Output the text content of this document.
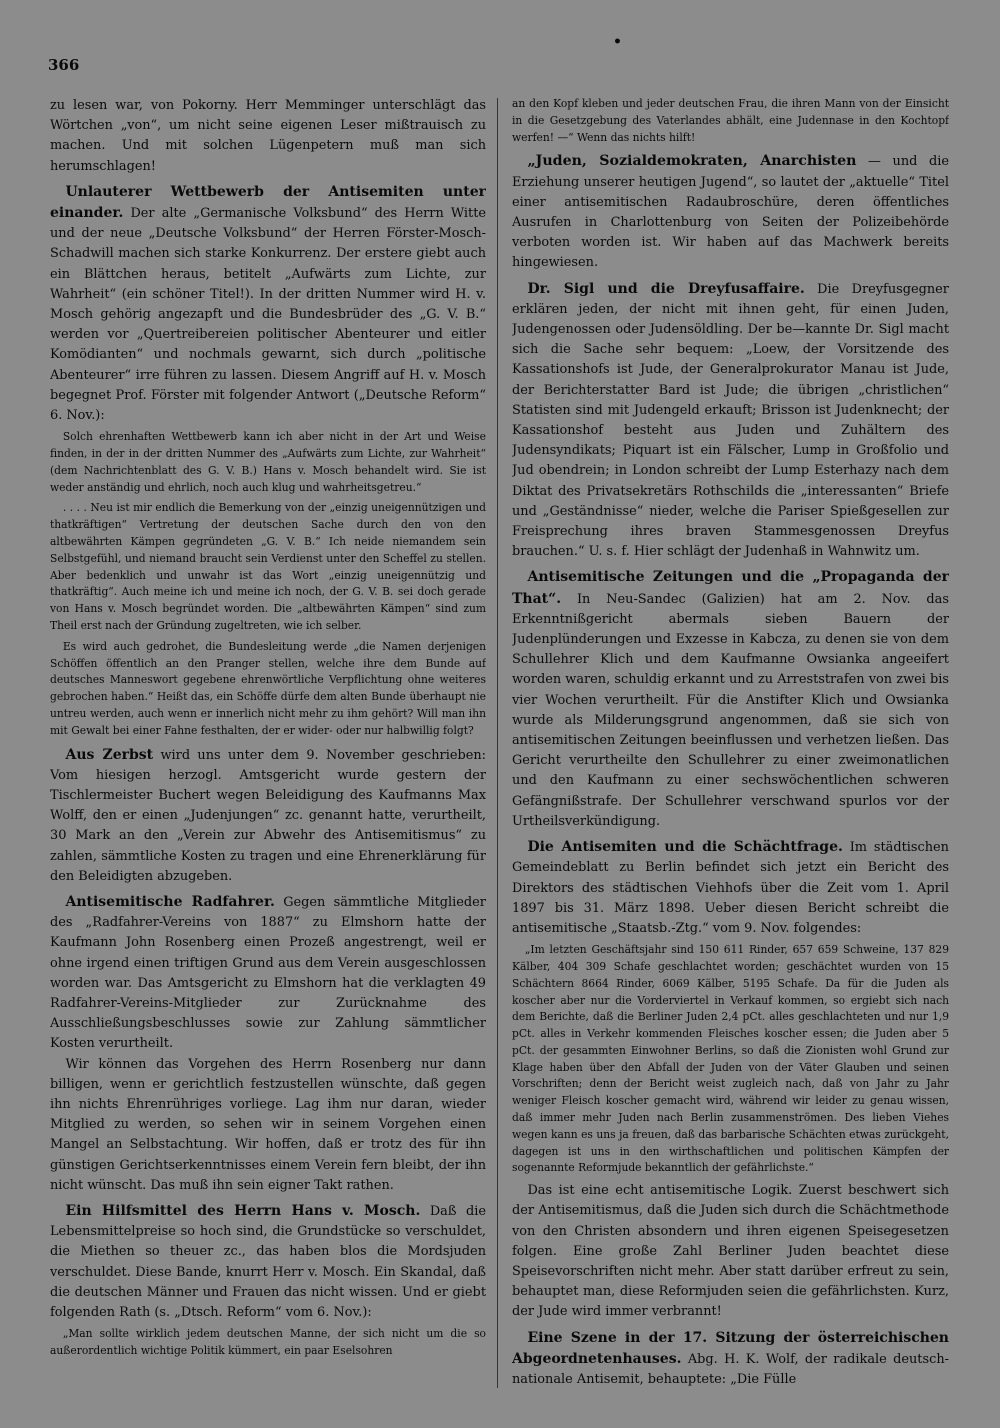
366
•

zu lesen war, von Pokorny. Herr Memminger unterschlägt das Wörtchen „von“, um nicht seine eigenen Leser mißtrauisch zu machen. Und mit solchen Lügenpetern muß man sich herumschlagen!

Unlauterer Wettbewerb der Antisemiten unter einander. Der alte „Germanische Volksbund“ des Herrn Witte und der neue „Deutsche Volksbund“ der Herren Förster-Mosch-Schadwill machen sich starke Konkurrenz. Der erstere giebt auch ein Blättchen heraus, betitelt „Aufwärts zum Lichte, zur Wahrheit“ (ein schöner Titel!). In der dritten Nummer wird H. v. Mosch gehörig angezapft und die Bundesbrüder des „G. V. B.“ werden vor „Quertreibereien politischer Abenteurer und eitler Komödianten“ und nochmals gewarnt, sich durch „politische Abenteurer“ irre führen zu lassen. Diesem Angriff auf H. v. Mosch begegnet Prof. Förster mit folgender Antwort („Deutsche Reform“ 6. Nov.):

Solch ehrenhaften Wettbewerb kann ich aber nicht in der Art und Weise finden, in der in der dritten Nummer des „Aufwärts zum Lichte, zur Wahrheit“ (dem Nachrichtenblatt des G. V. B.) Hans v. Mosch behandelt wird. Sie ist weder anständig und ehrlich, noch auch klug und wahrheitsgetreu.“

. . . . Neu ist mir endlich die Bemerkung von der „einzig uneigennützigen und thatkräftigen“ Vertretung der deutschen Sache durch den von den altbewährten Kämpen gegründeten „G. V. B.“ Ich neide niemandem sein Selbstgefühl, und niemand braucht sein Verdienst unter den Scheffel zu stellen. Aber bedenklich und unwahr ist das Wort „einzig uneigennützig und thatkräftig“. Auch meine ich und meine ich noch, der G. V. B. sei doch gerade von Hans v. Mosch begründet worden. Die „altbewährten Kämpen“ sind zum Theil erst nach der Gründung zugeltreten, wie ich selber.

Es wird auch gedrohet, die Bundesleitung werde „die Namen derjenigen Schöffen öffentlich an den Pranger stellen, welche ihre dem Bunde auf deutsches Manneswort gegebene ehrenwörtliche Verpflichtung ohne weiteres gebrochen haben.“ Heißt das, ein Schöffe dürfe dem alten Bunde überhaupt nie untreu werden, auch wenn er innerlich nicht mehr zu ihm gehört? Will man ihn mit Gewalt bei einer Fahne festhalten, der er wider- oder nur halbwillig folgt?

Aus Zerbst wird uns unter dem 9. November geschrieben: Vom hiesigen herzogl. Amtsgericht wurde gestern der Tischlermeister Buchert wegen Beleidigung des Kaufmanns Max Wolff, den er einen „Judenjungen“ zc. genannt hatte, verurtheilt, 30 Mark an den „Verein zur Abwehr des Antisemitismus“ zu zahlen, sämmtliche Kosten zu tragen und eine Ehrenerklärung für den Beleidigten abzugeben.

Antisemitische Radfahrer. Gegen sämmtliche Mitglieder des „Radfahrer-Vereins von 1887“ zu Elmshorn hatte der Kaufmann John Rosenberg einen Prozeß angestrengt, weil er ohne irgend einen triftigen Grund aus dem Verein ausgeschlossen worden war. Das Amtsgericht zu Elmshorn hat die verklagten 49 Radfahrer-Vereins-Mitglieder zur Zurücknahme des Ausschließungsbeschlusses sowie zur Zahlung sämmtlicher Kosten verurtheilt.

Wir können das Vorgehen des Herrn Rosenberg nur dann billigen, wenn er gerichtlich festzustellen wünschte, daß gegen ihn nichts Ehrenrühriges vorliege. Lag ihm nur daran, wieder Mitglied zu werden, so sehen wir in seinem Vorgehen einen Mangel an Selbstachtung. Wir hoffen, daß er trotz des für ihn günstigen Gerichtserkenntnisses einem Verein fern bleibt, der ihn nicht wünscht. Das muß ihn sein eigner Takt rathen.

Ein Hilfsmittel des Herrn Hans v. Mosch. Daß die Lebensmittelpreise so hoch sind, die Grundstücke so verschuldet, die Miethen so theuer zc., das haben blos die Mordsjuden verschuldet. Diese Bande, knurrt Herr v. Mosch. Ein Skandal, daß die deutschen Männer und Frauen das nicht wissen. Und er giebt folgenden Rath (s. „Dtsch. Reform“ vom 6. Nov.):

„Man sollte wirklich jedem deutschen Manne, der sich nicht um die so außerordentlich wichtige Politik kümmert, ein paar Eselsohren

an den Kopf kleben und jeder deutschen Frau, die ihren Mann von der Einsicht in die Gesetzgebung des Vaterlandes abhält, eine Judennase in den Kochtopf werfen! —“ Wenn das nichts hilft!

„Juden, Sozialdemokraten, Anarchisten — und die Erziehung unserer heutigen Jugend“, so lautet der „aktuelle“ Titel einer antisemitischen Radaubroschüre, deren öffentliches Ausrufen in Charlottenburg von Seiten der Polizeibehörde verboten worden ist. Wir haben auf das Machwerk bereits hingewiesen.

Dr. Sigl und die Dreyfusaffaire. Die Dreyfusgegner erklären jeden, der nicht mit ihnen geht, für einen Juden, Judengenossen oder Judensöldling. Der be—kannte Dr. Sigl macht sich die Sache sehr bequem: „Loew, der Vorsitzende des Kassationshofs ist Jude, der Generalprokurator Manau ist Jude, der Berichterstatter Bard ist Jude; die übrigen „christlichen“ Statisten sind mit Judengeld erkauft; Brisson ist Judenknecht; der Kassationshof besteht aus Juden und Zuhältern des Judensyndikats; Piquart ist ein Fälscher, Lump in Großfolio und Jud obendrein; in London schreibt der Lump Esterhazy nach dem Diktat des Privatsekretärs Rothschilds die „interessanten“ Briefe und „Geständnisse“ nieder, welche die Pariser Spießgesellen zur Freisprechung ihres braven Stammesgenossen Dreyfus brauchen.“ U. s. f. Hier schlägt der Judenhaß in Wahnwitz um.

Antisemitische Zeitungen und die „Propaganda der That“. In Neu-Sandec (Galizien) hat am 2. Nov. das Erkenntnißgericht abermals sieben Bauern der Judenplünderungen und Exzesse in Kabcza, zu denen sie von dem Schullehrer Klich und dem Kaufmanne Owsianka angeeifert worden waren, schuldig erkannt und zu Arreststrafen von zwei bis vier Wochen verurtheilt. Für die Anstifter Klich und Owsianka wurde als Milderungsgrund angenommen, daß sie sich von antisemitischen Zeitungen beeinflussen und verhetzen ließen. Das Gericht verurtheilte den Schullehrer zu einer zweimonatlichen und den Kaufmann zu einer sechswöchentlichen schweren Gefängnißstrafe. Der Schullehrer verschwand spurlos vor der Urtheilsverkündigung.

Die Antisemiten und die Schächtfrage. Im städtischen Gemeindeblatt zu Berlin befindet sich jetzt ein Bericht des Direktors des städtischen Viehhofs über die Zeit vom 1. April 1897 bis 31. März 1898. Ueber diesen Bericht schreibt die antisemitische „Staatsb.-Ztg.“ vom 9. Nov. folgendes:

„Im letzten Geschäftsjahr sind 150 611 Rinder, 657 659 Schweine, 137 829 Kälber, 404 309 Schafe geschlachtet worden; geschächtet wurden von 15 Schächtern 8664 Rinder, 6069 Kälber, 5195 Schafe. Da für die Juden als koscher aber nur die Vorderviertel in Verkauf kommen, so ergiebt sich nach dem Berichte, daß die Berliner Juden 2,4 pCt. alles geschlachteten und nur 1,9 pCt. alles in Verkehr kommenden Fleisches koscher essen; die Juden aber 5 pCt. der gesammten Einwohner Berlins, so daß die Zionisten wohl Grund zur Klage haben über den Abfall der Juden von der Väter Glauben und seinen Vorschriften; denn der Bericht weist zugleich nach, daß von Jahr zu Jahr weniger Fleisch koscher gemacht wird, während wir leider zu genau wissen, daß immer mehr Juden nach Berlin zusammenströmen. Des lieben Viehes wegen kann es uns ja freuen, daß das barbarische Schächten etwas zurückgeht, dagegen ist uns in den wirthschaftlichen und politischen Kämpfen der sogenannte Reformjude bekanntlich der gefährlichste.“

Das ist eine echt antisemitische Logik. Zuerst beschwert sich der Antisemitismus, daß die Juden sich durch die Schächtmethode von den Christen absondern und ihren eigenen Speisegesetzen folgen. Eine große Zahl Berliner Juden beachtet diese Speisevorschriften nicht mehr. Aber statt darüber erfreut zu sein, behauptet man, diese Reformjuden seien die gefährlichsten. Kurz, der Jude wird immer verbrannt!

Eine Szene in der 17. Sitzung der österreichischen Abgeordnetenhauses. Abg. H. K. Wolf, der radikale deutsch-nationale Antisemit, behauptete: „Die Fülle
